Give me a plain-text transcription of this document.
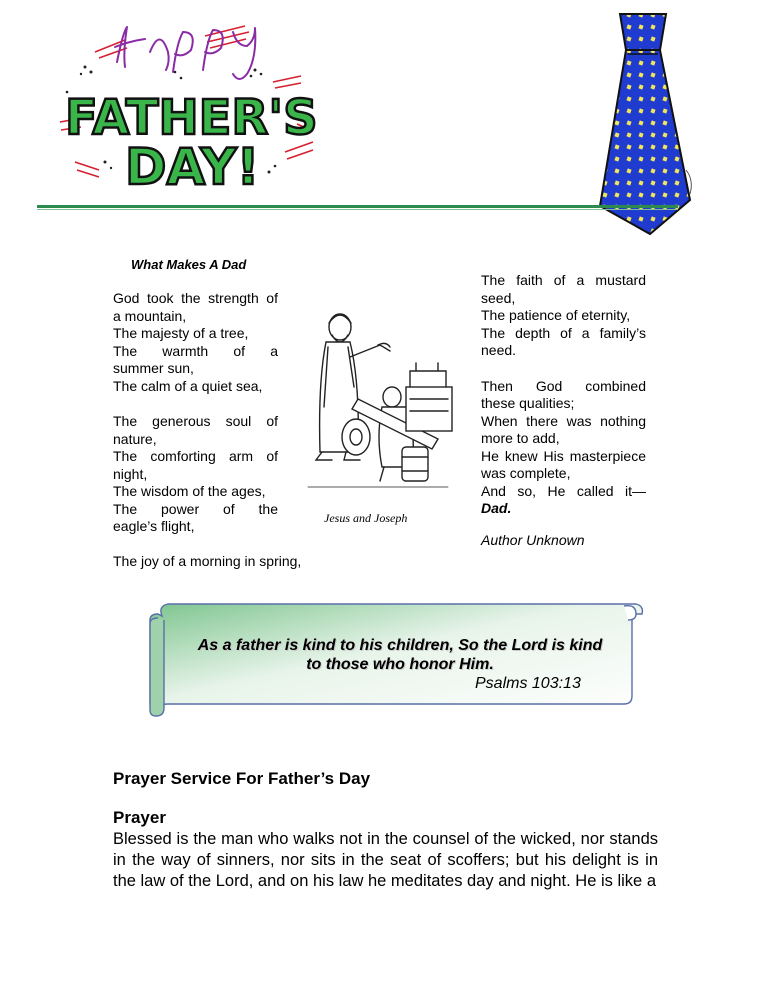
FATHER'S
DAY!
What Makes A Dad

God took the strength of
a mountain,
The majesty of a tree,
The warmth of a
summer sun,
The calm of a quiet sea,

The generous soul of
nature,
The comforting arm of
night,
The wisdom of the ages,
The power of the
eagle’s flight,	Jesus and Joseph

The faith of a mustard
seed,
The patience of eternity,
The depth of a family’s
need.

Then God combined
these qualities;
When there was nothing
more to add,
He knew His masterpiece
was complete,
And so, He called it—
Dad.

Author Unknown
The joy of a morning in spring,
As a father is kind to his children, So the Lord is kind
to those who honor Him.
Psalms 103:13
Prayer Service For Father’s Day
Prayer
Blessed is the man who walks not in the counsel of the wicked, nor stands in the way of sinners, nor sits in the seat of scoffers; but his delight is in the law of the Lord, and on his law he meditates day and night. He is like a
